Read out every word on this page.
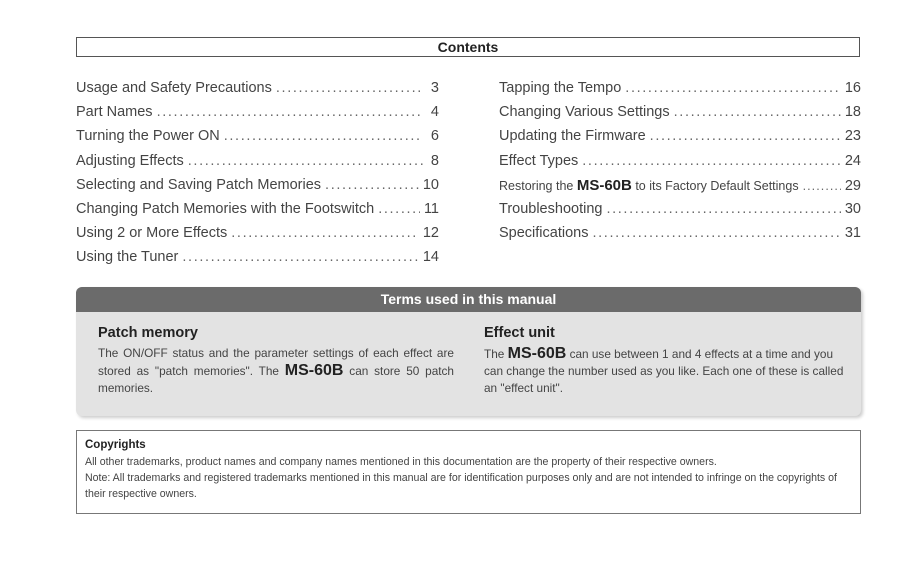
Contents
Usage and Safety Precautions . . .	3
Part Names . . .	4
Turning the Power ON . . .	6
Adjusting Effects . . .	8
Selecting and Saving Patch Memories . . .	10
Changing Patch Memories with the Footswitch . . .	11
Using 2 or More Effects . . .	12
Using the Tuner . . .	14
Tapping the Tempo . . .	16
Changing Various Settings . . .	18
Updating the Firmware . . .	23
Effect Types . . .	24
Restoring the MS-60B to its Factory Default Settings . . .	29
Troubleshooting . . .	30
Specifications . . .	31
Terms used in this manual
Patch memory
The ON/OFF status and the parameter settings of each effect are stored as "patch memories". The MS-60B can store 50 patch memories.
Effect unit
The MS-60B can use between 1 and 4 effects at a time and you can change the number used as you like. Each one of these is called an "effect unit".
Copyrights

All other trademarks, product names and company names mentioned in this documentation are the property of their respective owners.

Note: All trademarks and registered trademarks mentioned in this manual are for identification purposes only and are not intended to infringe on the copyrights of their respective owners.
